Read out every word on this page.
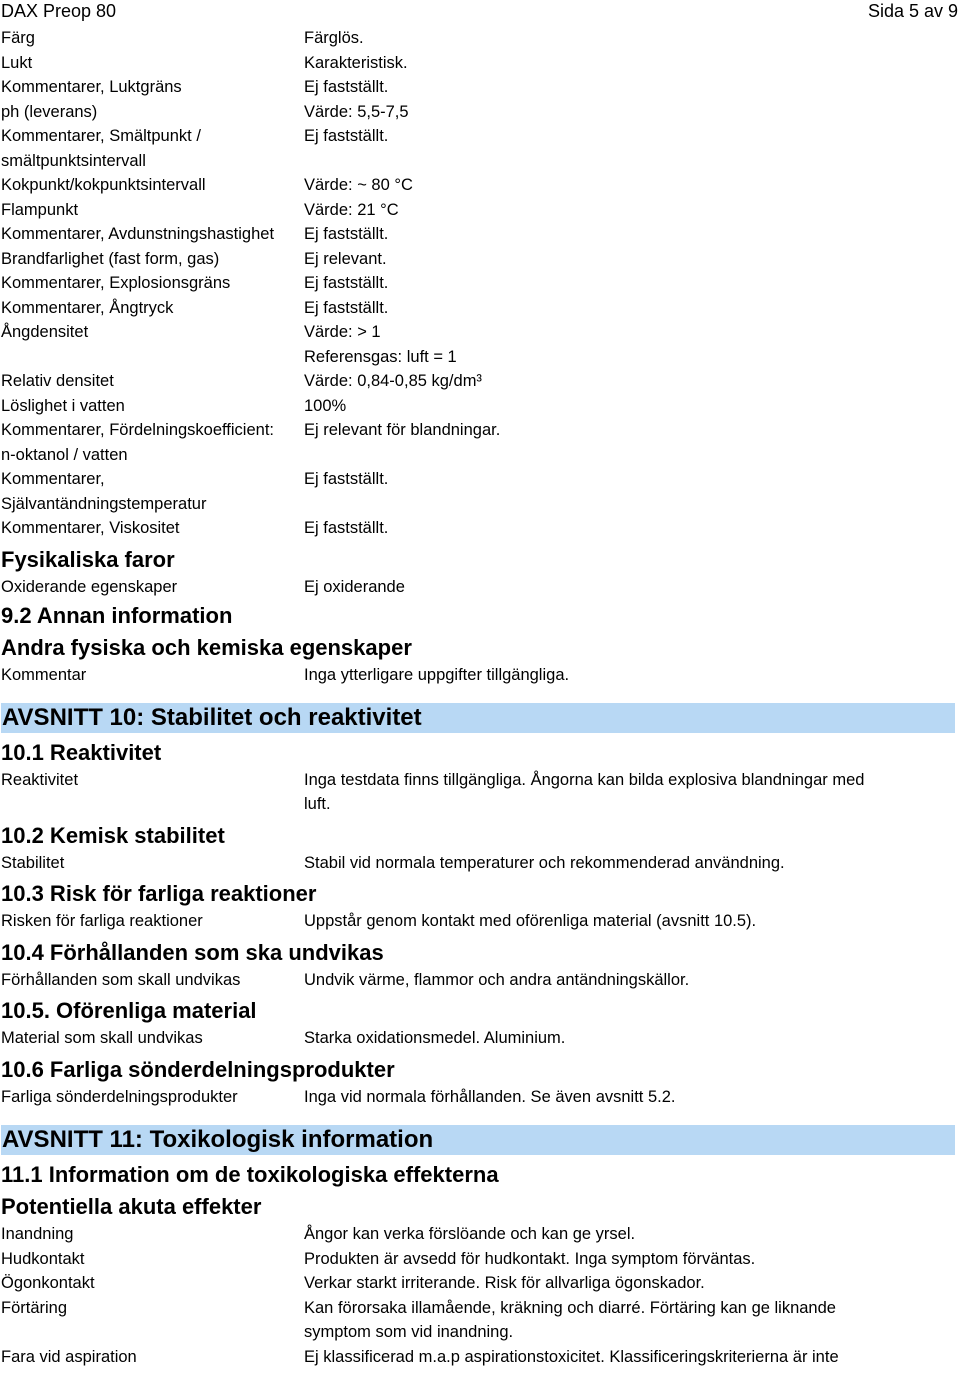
DAX Preop 80	Sida 5 av 9
Färg	Färglös.
Lukt	Karakteristisk.
Kommentarer, Luktgräns	Ej fastställt.
ph (leverans)	Värde: 5,5-7,5
Kommentarer, Smältpunkt /	Ej fastställt.
smältpunktsintervall
Kokpunkt/kokpunktsintervall	Värde: ~ 80 °C
Flampunkt	Värde: 21 °C
Kommentarer, Avdunstningshastighet	Ej fastställt.
Brandfarlighet (fast form, gas)	Ej relevant.
Kommentarer, Explosionsgräns	Ej fastställt.
Kommentarer, Ångtryck	Ej fastställt.
Ångdensitet	Värde: > 1
Referensgas: luft = 1
Relativ densitet	Värde: 0,84-0,85 kg/dm³
Löslighet i vatten	100%
Kommentarer, Fördelningskoefficient:	Ej relevant för blandningar.
n-oktanol / vatten
Kommentarer,	Ej fastställt.
Självantändningstemperatur
Kommentarer, Viskositet	Ej fastställt.
Fysikaliska faror
Oxiderande egenskaper	Ej oxiderande
9.2 Annan information
Andra fysiska och kemiska egenskaper
Kommentar	Inga ytterligare uppgifter tillgängliga.
AVSNITT 10: Stabilitet och reaktivitet
10.1 Reaktivitet
Reaktivitet	Inga testdata finns tillgängliga. Ångorna kan bilda explosiva blandningar med
luft.
10.2 Kemisk stabilitet
Stabilitet	Stabil vid normala temperaturer och rekommenderad användning.
10.3 Risk för farliga reaktioner
Risken för farliga reaktioner	Uppstår genom kontakt med oförenliga material (avsnitt 10.5).
10.4 Förhållanden som ska undvikas
Förhållanden som skall undvikas	Undvik värme, flammor och andra antändningskällor.
10.5. Oförenliga material
Material som skall undvikas	Starka oxidationsmedel. Aluminium.
10.6 Farliga sönderdelningsprodukter
Farliga sönderdelningsprodukter	Inga vid normala förhållanden. Se även avsnitt 5.2.
AVSNITT 11: Toxikologisk information
11.1 Information om de toxikologiska effekterna
Potentiella akuta effekter
Inandning	Ångor kan verka förslöande och kan ge yrsel.
Hudkontakt	Produkten är avsedd för hudkontakt. Inga symptom förväntas.
Ögonkontakt	Verkar starkt irriterande. Risk för allvarliga ögonskador.
Förtäring	Kan förorsaka illamående, kräkning och diarré. Förtäring kan ge liknande
symptom som vid inandning.
Fara vid aspiration	Ej klassificerad m.a.p aspirationstoxicitet. Klassificeringskriterierna är inte
